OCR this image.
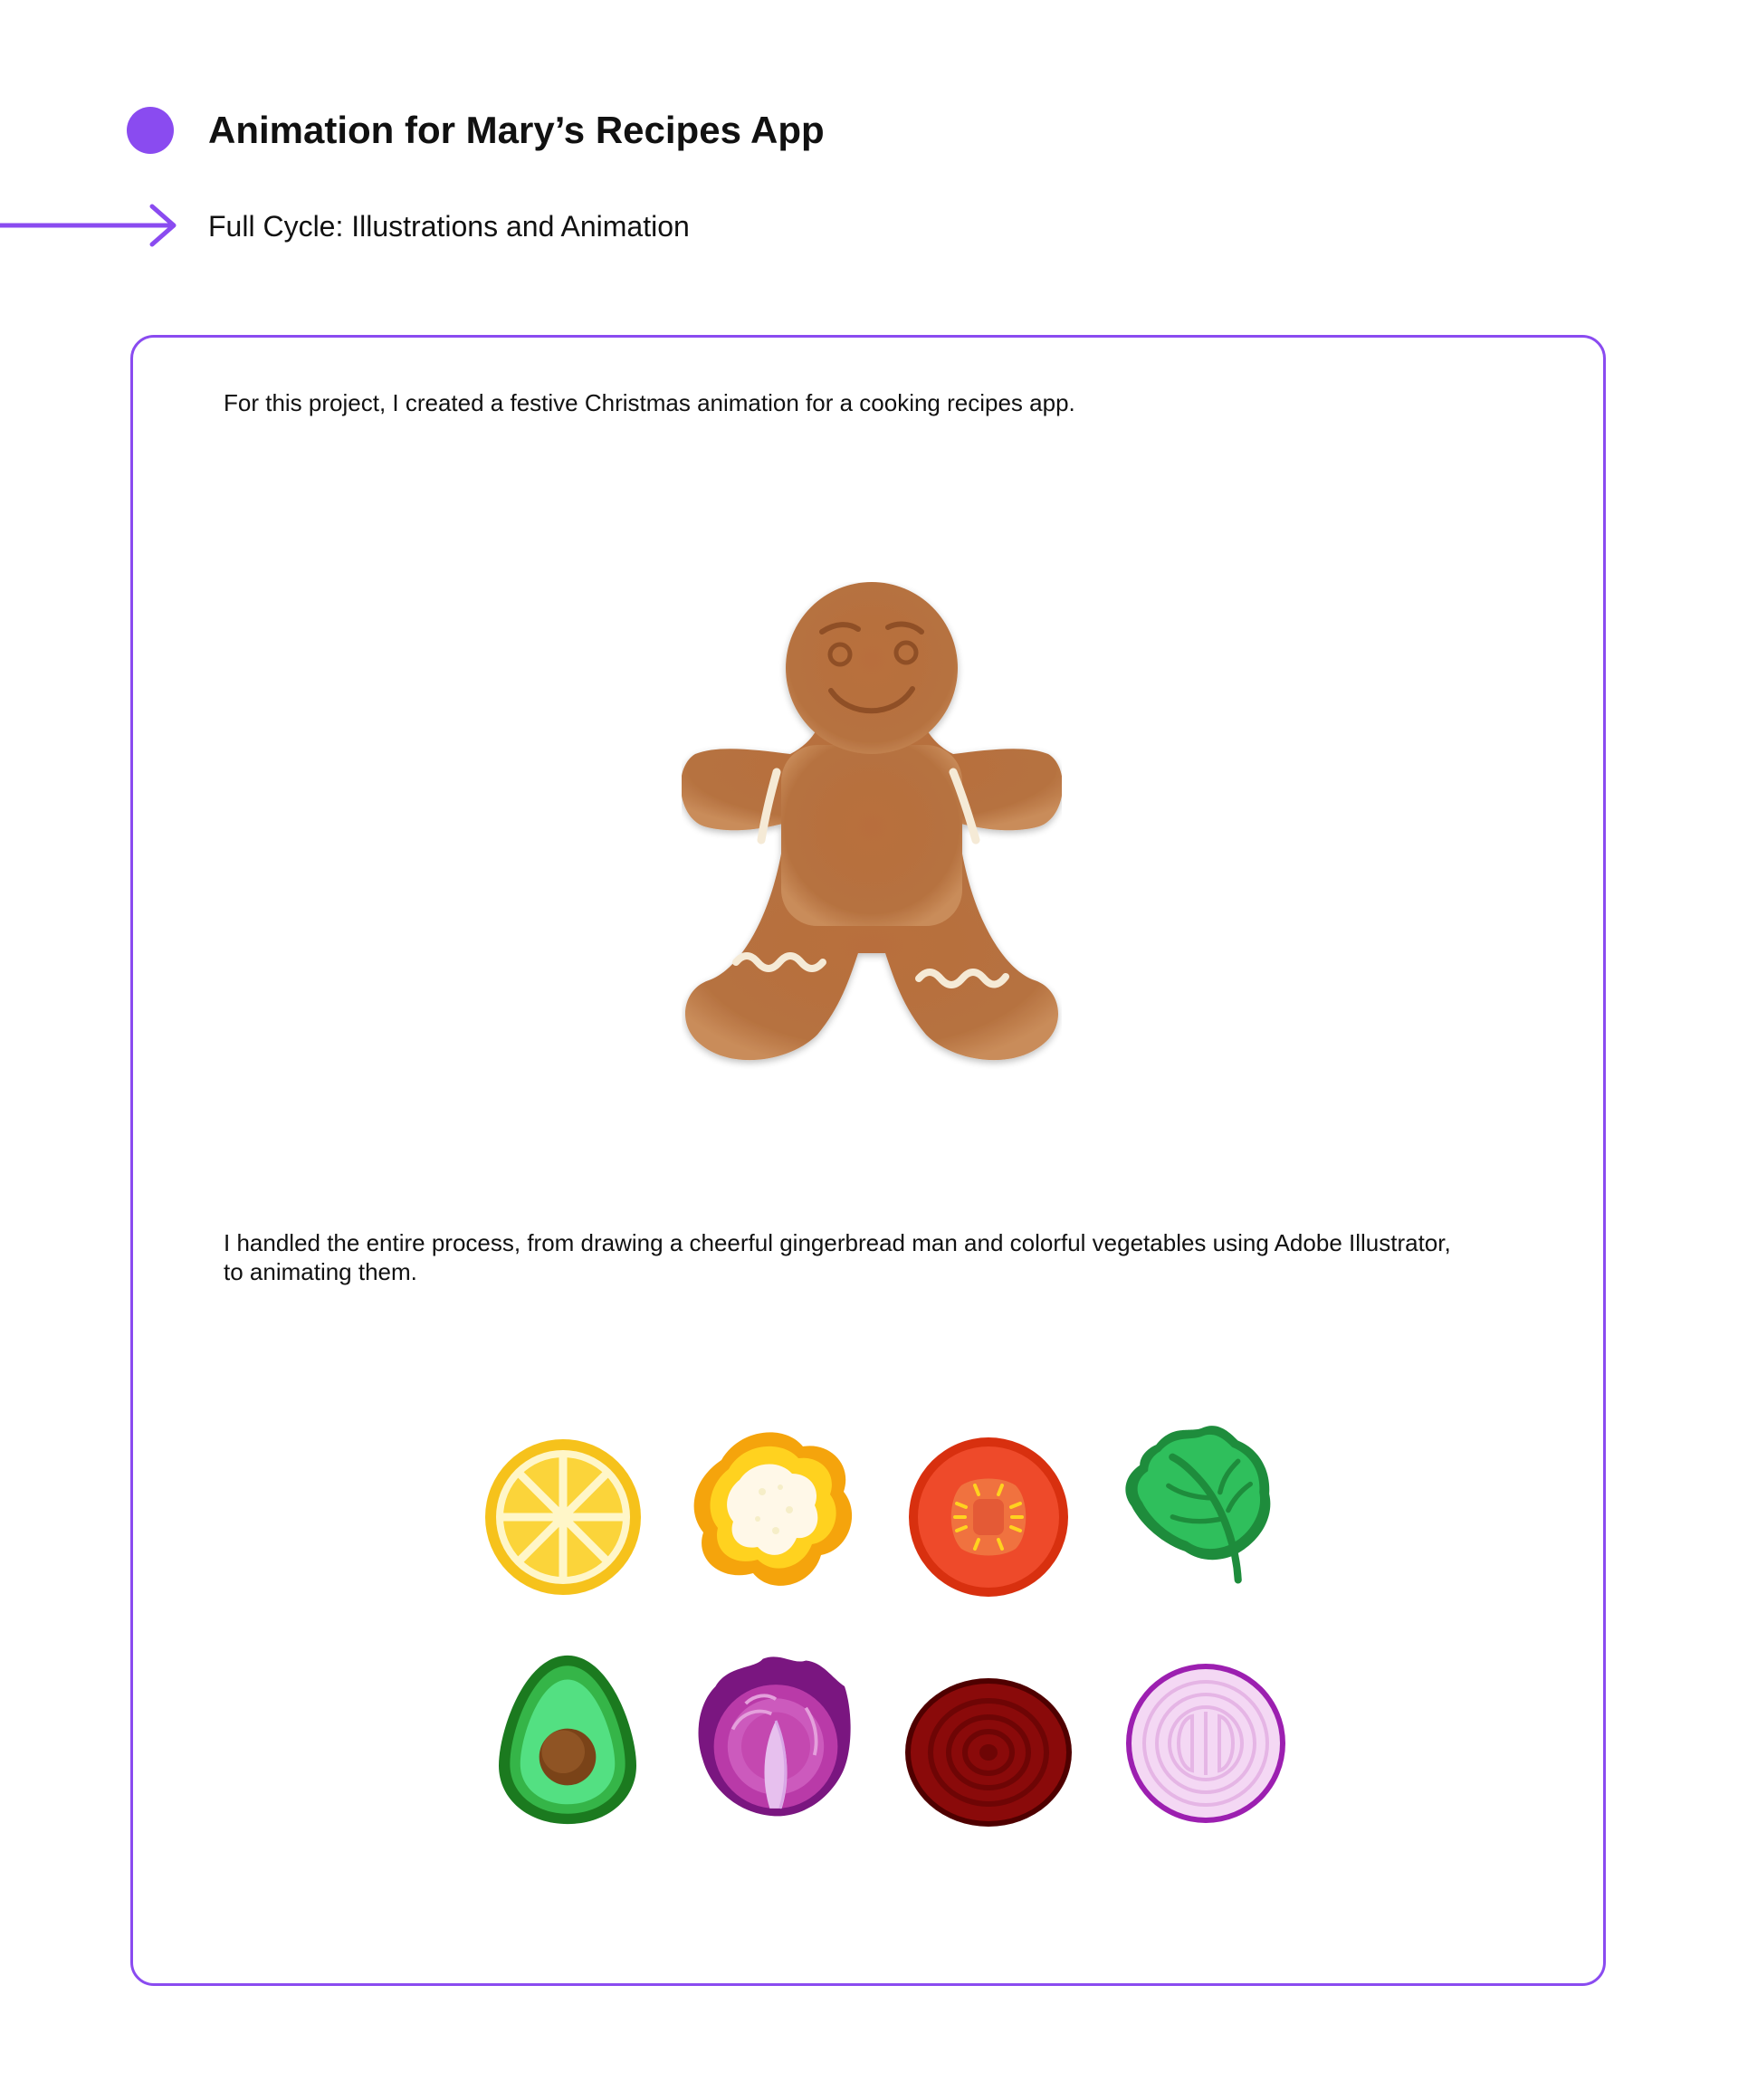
Animation for Mary’s Recipes App
Full Cycle: Illustrations and Animation
For this project, I created a festive Christmas animation for a cooking recipes app.
I handled the entire process, from drawing a cheerful gingerbread man and colorful vegetables using Adobe Illustrator, to animating them.
